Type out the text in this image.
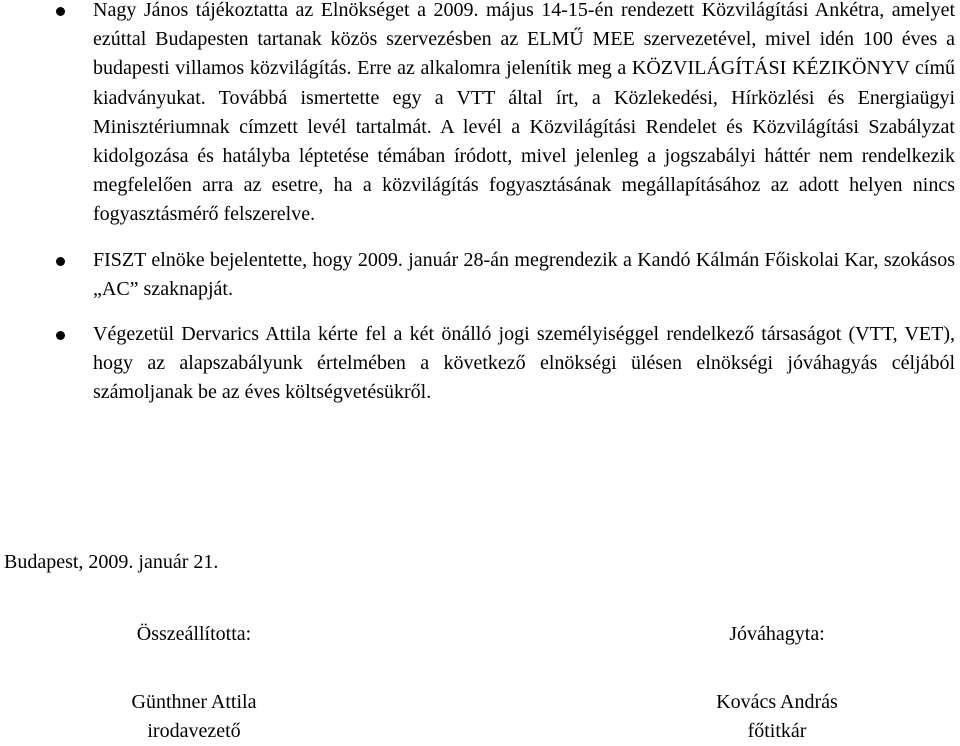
Nagy János tájékoztatta az Elnökséget a 2009. május 14-15-én rendezett Közvilágítási Ankétra, amelyet ezúttal Budapesten tartanak közös szervezésben az ELMŰ MEE szervezetével, mivel idén 100 éves a budapesti villamos közvilágítás. Erre az alkalomra jelenítik meg a KÖZVILÁGÍTÁSI KÉZIKÖNYV című kiadványukat. Továbbá ismertette egy a VTT által írt, a Közlekedési, Hírközlési és Energiaügyi Minisztériumnak címzett levél tartalmát. A levél a Közvilágítási Rendelet és Közvilágítási Szabályzat kidolgozása és hatályba léptetése témában íródott, mivel jelenleg a jogszabályi háttér nem rendelkezik megfelelően arra az esetre, ha a közvilágítás fogyasztásának megállapításához az adott helyen nincs fogyasztásmérő felszerelve.
FISZT elnöke bejelentette, hogy 2009. január 28-án megrendezik a Kandó Kálmán Főiskolai Kar, szokásos „AC” szaknapját.
Végezetül Dervarics Attila kérte fel a két önálló jogi személyiséggel rendelkező társaságot (VTT, VET), hogy az alapszabályunk értelmében a következő elnökségi ülésen elnökségi jóváhagyás céljából számoljanak be az éves költségvetésükről.
Budapest, 2009. január 21.
Összeállította:	Jóváhagyta:
Günthner Attila
irodavezető
Kovács András
főtitkár
